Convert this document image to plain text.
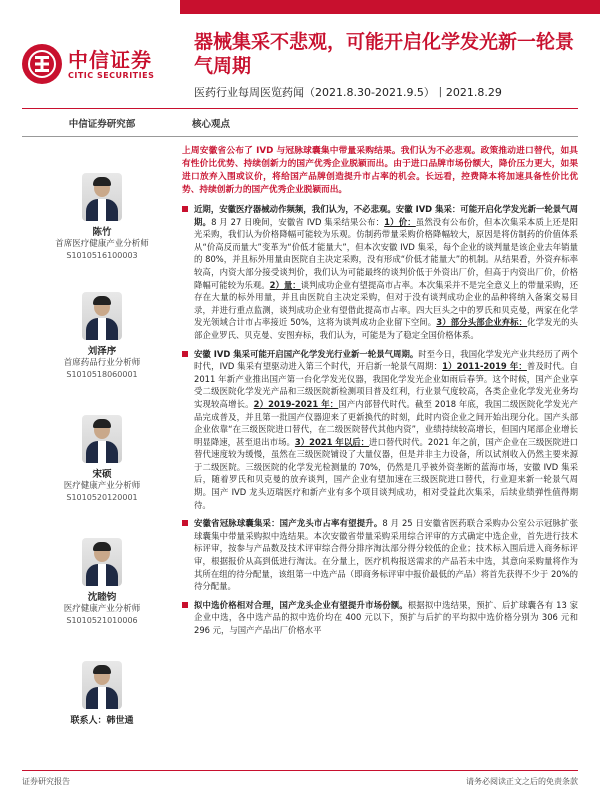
中信证券
CITIC SECURITIES
器械集采不悲观，可能开启化学发光新一轮景气周期
医药行业每周医览药闻（2021.8.30-2021.9.5）丨2021.8.29
中信证券研究部
陈竹
首席医疗健康产业分析师
S1010516100003
刘泽序
首席药品行业分析师
S1010518060001
宋硕
医疗健康产业分析师
S1010520120001
沈睦钧
医疗健康产业分析师
S1010521010006
联系人：韩世通
核心观点
上周安徽省公布了 IVD 与冠脉球囊集中带量采购结果。我们认为不必悲观。政策推动进口替代，如具有性价比优势、持续创新力的国产优秀企业脱颖而出。由于进口品牌市场份额大，降价压力更大，如果进口放弃入围或议价，将给国产品牌创造提升市占率的机会。长远看，控费降本将加速具备性价比优势、持续创新力的国产优秀企业脱颖而出。
近期，安徽医疗器械动作频频，我们认为，不必悲观。安徽 IVD 集采：可能开启化学发光新一轮景气周期。8 月 27 日晚间，安徽省 IVD 集采结果公布：1）价：虽然没有公布价，但本次集采本质上还是阳光采购，我们认为价格降幅可能较为乐观。仿制药带量采购价格降幅较大，原因是将仿制药的价值体系从“价高反而量大”变革为“价低才能量大”，但本次安徽 IVD 集采，每个企业的谈判量是该企业去年销量的 80%，并且标外用量由医院自主决定采购，没有形成“价低才能量大”的机制。从结果看，外资弃标率较高，内资大部分接受谈判价，我们认为可能最终的谈判价低于外资出厂价，但高于内资出厂价，价格降幅可能较为乐观。2）量：谈判成功企业有望提高市占率。本次集采并不是完全意义上的带量采购，还存在大量的标外用量，并且由医院自主决定采购，但对于没有谈判成功企业的品种将纳入备案交易目录，并进行重点监测，谈判成功企业有望借此提高市占率。四大巨头之中的罗氏和贝克曼，两家在化学发光领域合计市占率接近 50%，这将为谈判成功企业留下空间。3）部分头部企业弃标：化学发光的头部企业罗氏、贝克曼、安图弃标，我们认为，可能是为了稳定全国价格体系。
安徽 IVD 集采可能开启国产化学发光行业新一轮景气周期。时至今日，我国化学发光产业共经历了两个时代，IVD 集采有望驱动进入第三个时代，开启新一轮景气周期：1）2011-2019 年：普及时代。自 2011 年新产业推出国产第一台化学发光仪器，我国化学发光企业如雨后春笋。这个时候，国产企业享受二级医院化学发光产品和三级医院新检测项目普及红利，行业景气度较高，各类企业化学发光业务均实现较高增长。2）2019-2021 年：国产内部替代时代。截至 2018 年底，我国二级医院化学发光产品完成普及，并且第一批国产仪器迎来了更新换代的时刻，此时内资企业之间开始出现分化。国产头部企业依靠“在三级医院进口替代，在二级医院替代其他内资”，业绩持续较高增长，但国内尾部企业增长明显降速，甚至退出市场。3）2021 年以后：进口替代时代。2021 年之前，国产企业在三级医院进口替代速度较为缓慢，虽然在三级医院铺设了大量仪器，但是并非主力设备，所以试剂收入仍然主要来源于二级医院。三级医院的化学发光检测量的 70%，仍然是几乎被外资垄断的蓝海市场，安徽 IVD 集采后，随着罗氏和贝克曼的放弃谈判，国产企业有望加速在三级医院进口替代，行业迎来新一轮景气周期。国产 IVD 龙头迈瑞医疗和新产业有多个项目谈判成功，相对受益此次集采，后续业绩弹性值得期待。
安徽省冠脉球囊集采：国产龙头市占率有望提升。8 月 25 日安徽省医药联合采购办公室公示冠脉扩张球囊集中带量采购拟中选结果。本次安徽省带量采购采用综合评审的方式确定中选企业，首先进行技术标评审，按参与产品数及技术评审综合得分排序淘汰部分得分较低的企业；技术标入围后进入商务标评审，根据报价从高到低进行淘汰。在分量上，医疗机构报送需求的产品若未中选，其意向采购量将作为其所在组的待分配量，该组第一中选产品（即商务标评审中报价最低的产品）将首先获得不少于 20%的待分配量。
拟中选价格相对合理，国产龙头企业有望提升市场份额。根据拟中选结果，预扩、后扩球囊各有 13 家企业中选，各中选产品的拟中选价均在 400 元以下，预扩与后扩的平均拟中选价格分别为 306 元和 296 元，与国产产品出厂价格水平
证券研究报告	请务必阅读正文之后的免责条款
